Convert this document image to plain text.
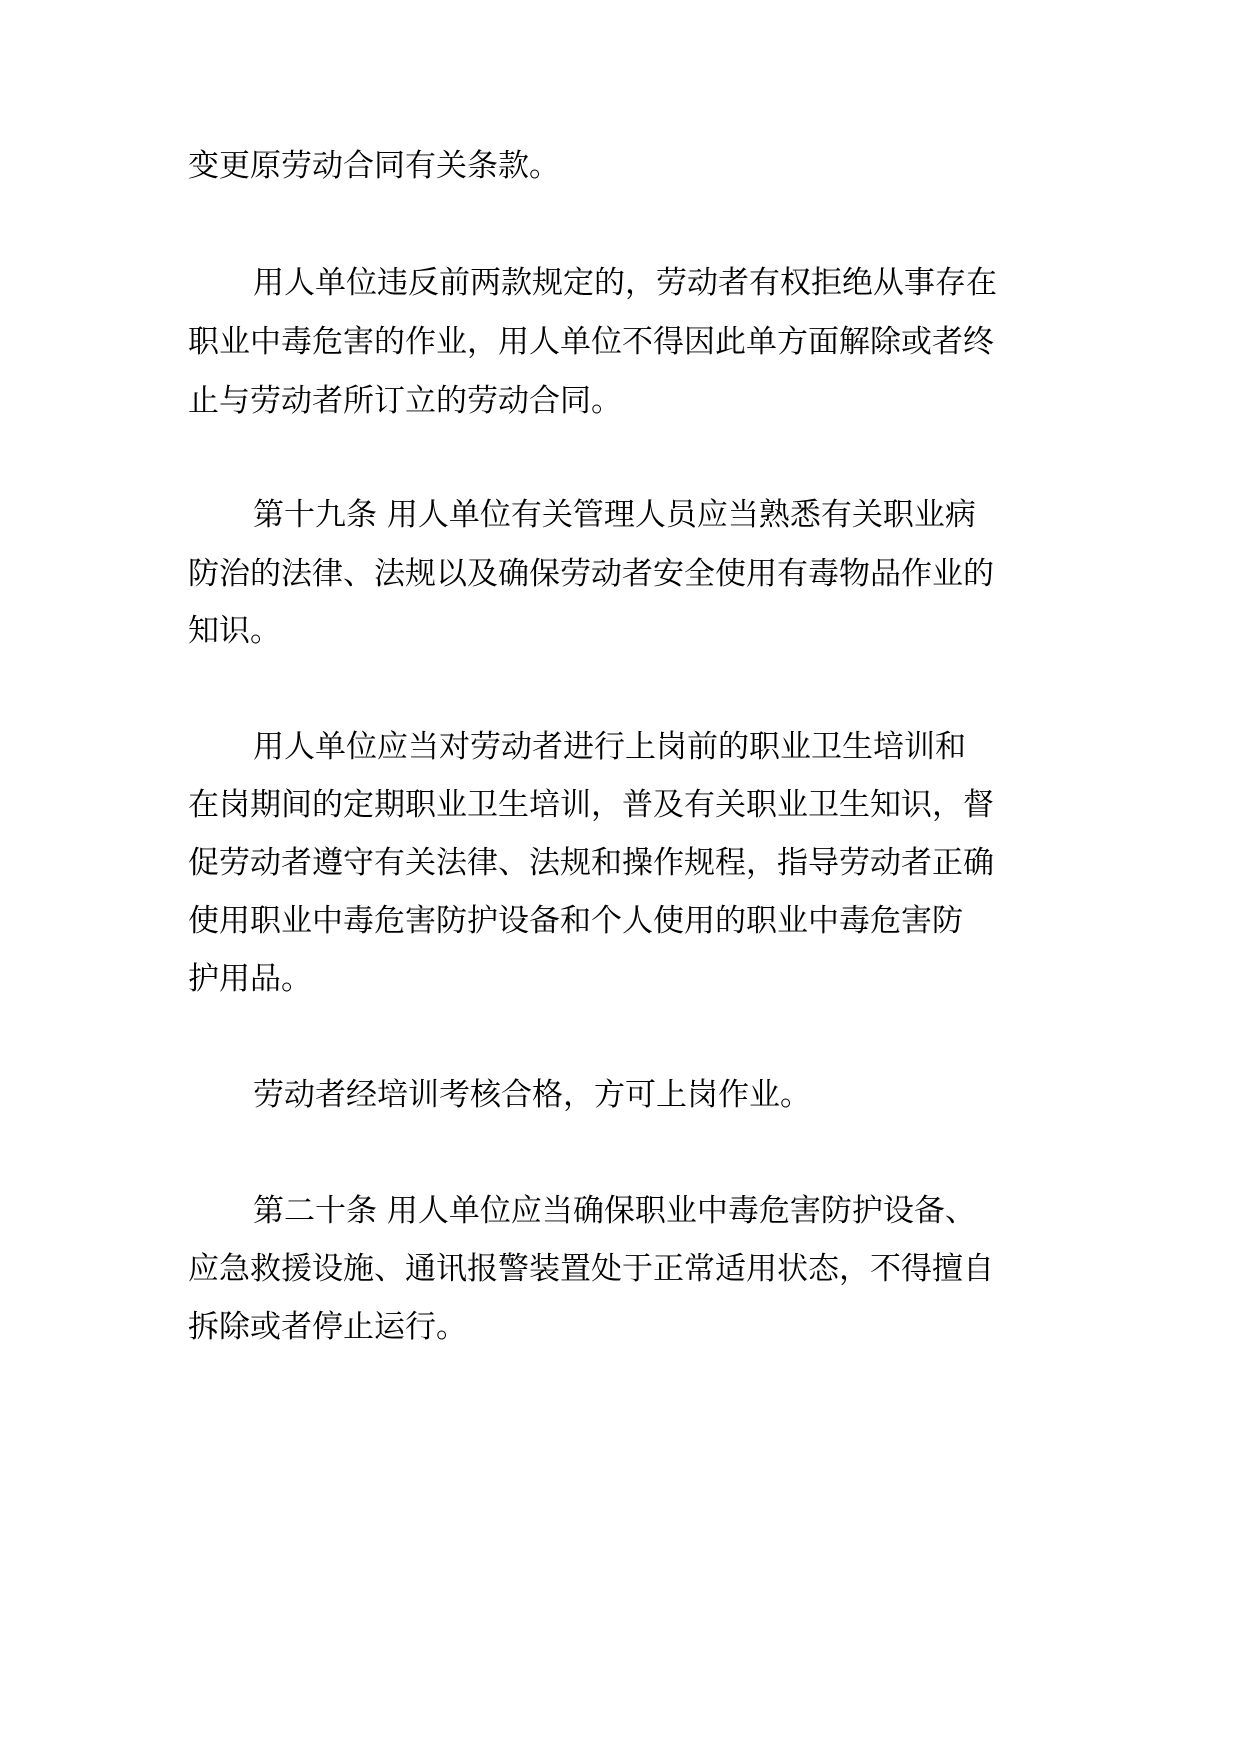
变更原劳动合同有关条款。
用人单位违反前两款规定的，劳动者有权拒绝从事存在
职业中毒危害的作业，用人单位不得因此单方面解除或者终
止与劳动者所订立的劳动合同。
第十九条 用人单位有关管理人员应当熟悉有关职业病
防治的法律、法规以及确保劳动者安全使用有毒物品作业的
知识。
用人单位应当对劳动者进行上岗前的职业卫生培训和
在岗期间的定期职业卫生培训，普及有关职业卫生知识，督
促劳动者遵守有关法律、法规和操作规程，指导劳动者正确
使用职业中毒危害防护设备和个人使用的职业中毒危害防
护用品。
劳动者经培训考核合格，方可上岗作业。
第二十条 用人单位应当确保职业中毒危害防护设备、
应急救援设施、通讯报警装置处于正常适用状态，不得擅自
拆除或者停止运行。
